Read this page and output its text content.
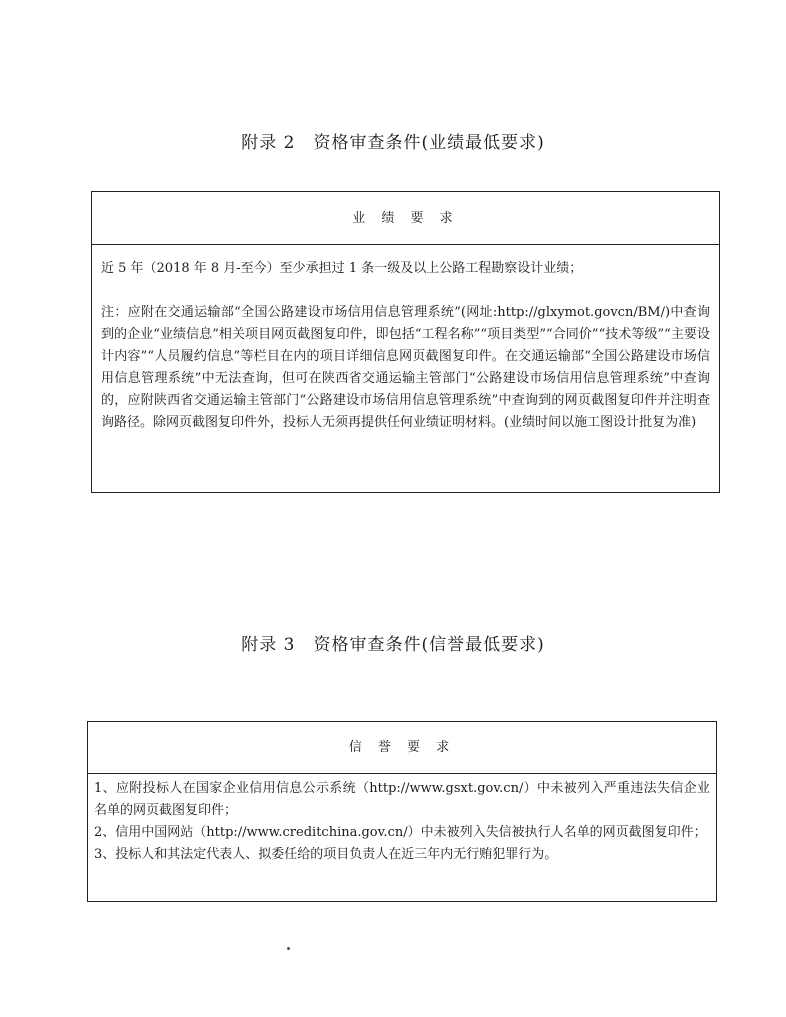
附录 2　资格审查条件(业绩最低要求)
业 绩 要 求

近 5 年（2018 年 8 月-至今）至少承担过 1 条一级及以上公路工程勘察设计业绩；

注：应附在交通运输部“全国公路建设市场信用信息管理系统”(网址:http://glxymot.govcn/BM/)中查询到的企业“业绩信息”相关项目网页截图复印件，即包括“工程名称”“项目类型”“合同价”“技术等级”“主要设计内容”“人员履约信息”等栏目在内的项目详细信息网页截图复印件。在交通运输部“全国公路建设市场信用信息管理系统”中无法查询，但可在陕西省交通运输主管部门“公路建设市场信用信息管理系统”中查询的，应附陕西省交通运输主管部门“公路建设市场信用信息管理系统”中查询到的网页截图复印件并注明查询路径。除网页截图复印件外，投标人无须再提供任何业绩证明材料。(业绩时间以施工图设计批复为准)

附录 3　资格审查条件(信誉最低要求)
信 誉 要 求

1、应附投标人在国家企业信用信息公示系统（http://www.gsxt.gov.cn/）中未被列入严重违法失信企业名单的网页截图复印件；

2、信用中国网站（http://www.creditchina.gov.cn/）中未被列入失信被执行人名单的网页截图复印件；

3、投标人和其法定代表人、拟委任给的项目负责人在近三年内无行贿犯罪行为。
